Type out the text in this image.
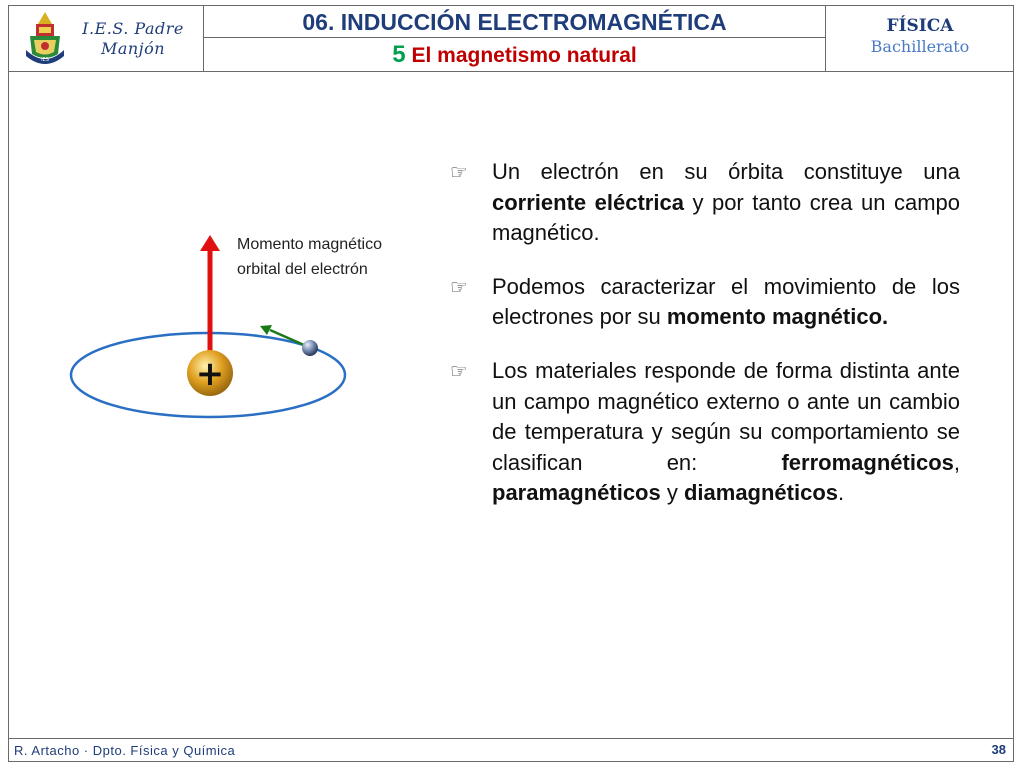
IES
I.E.S. Padre
Manjón
06. INDUCCIÓN ELECTROMAGNÉTICA
5 El magnetismo natural
FÍSICA
Bachillerato
+
Momento magnético
orbital del electrón
☞ Un electrón en su órbita constituye una corriente eléctrica y por tanto crea un campo magnético.
☞ Podemos caracterizar el movimiento de los electrones por su momento magnético.
☞ Los materiales responde de forma distinta ante un campo magnético externo o ante un cambio de temperatura y según su comportamiento se clasifican en: ferromagnéticos, paramagnéticos y diamagnéticos.
R. Artacho · Dpto. Física y Química	38
